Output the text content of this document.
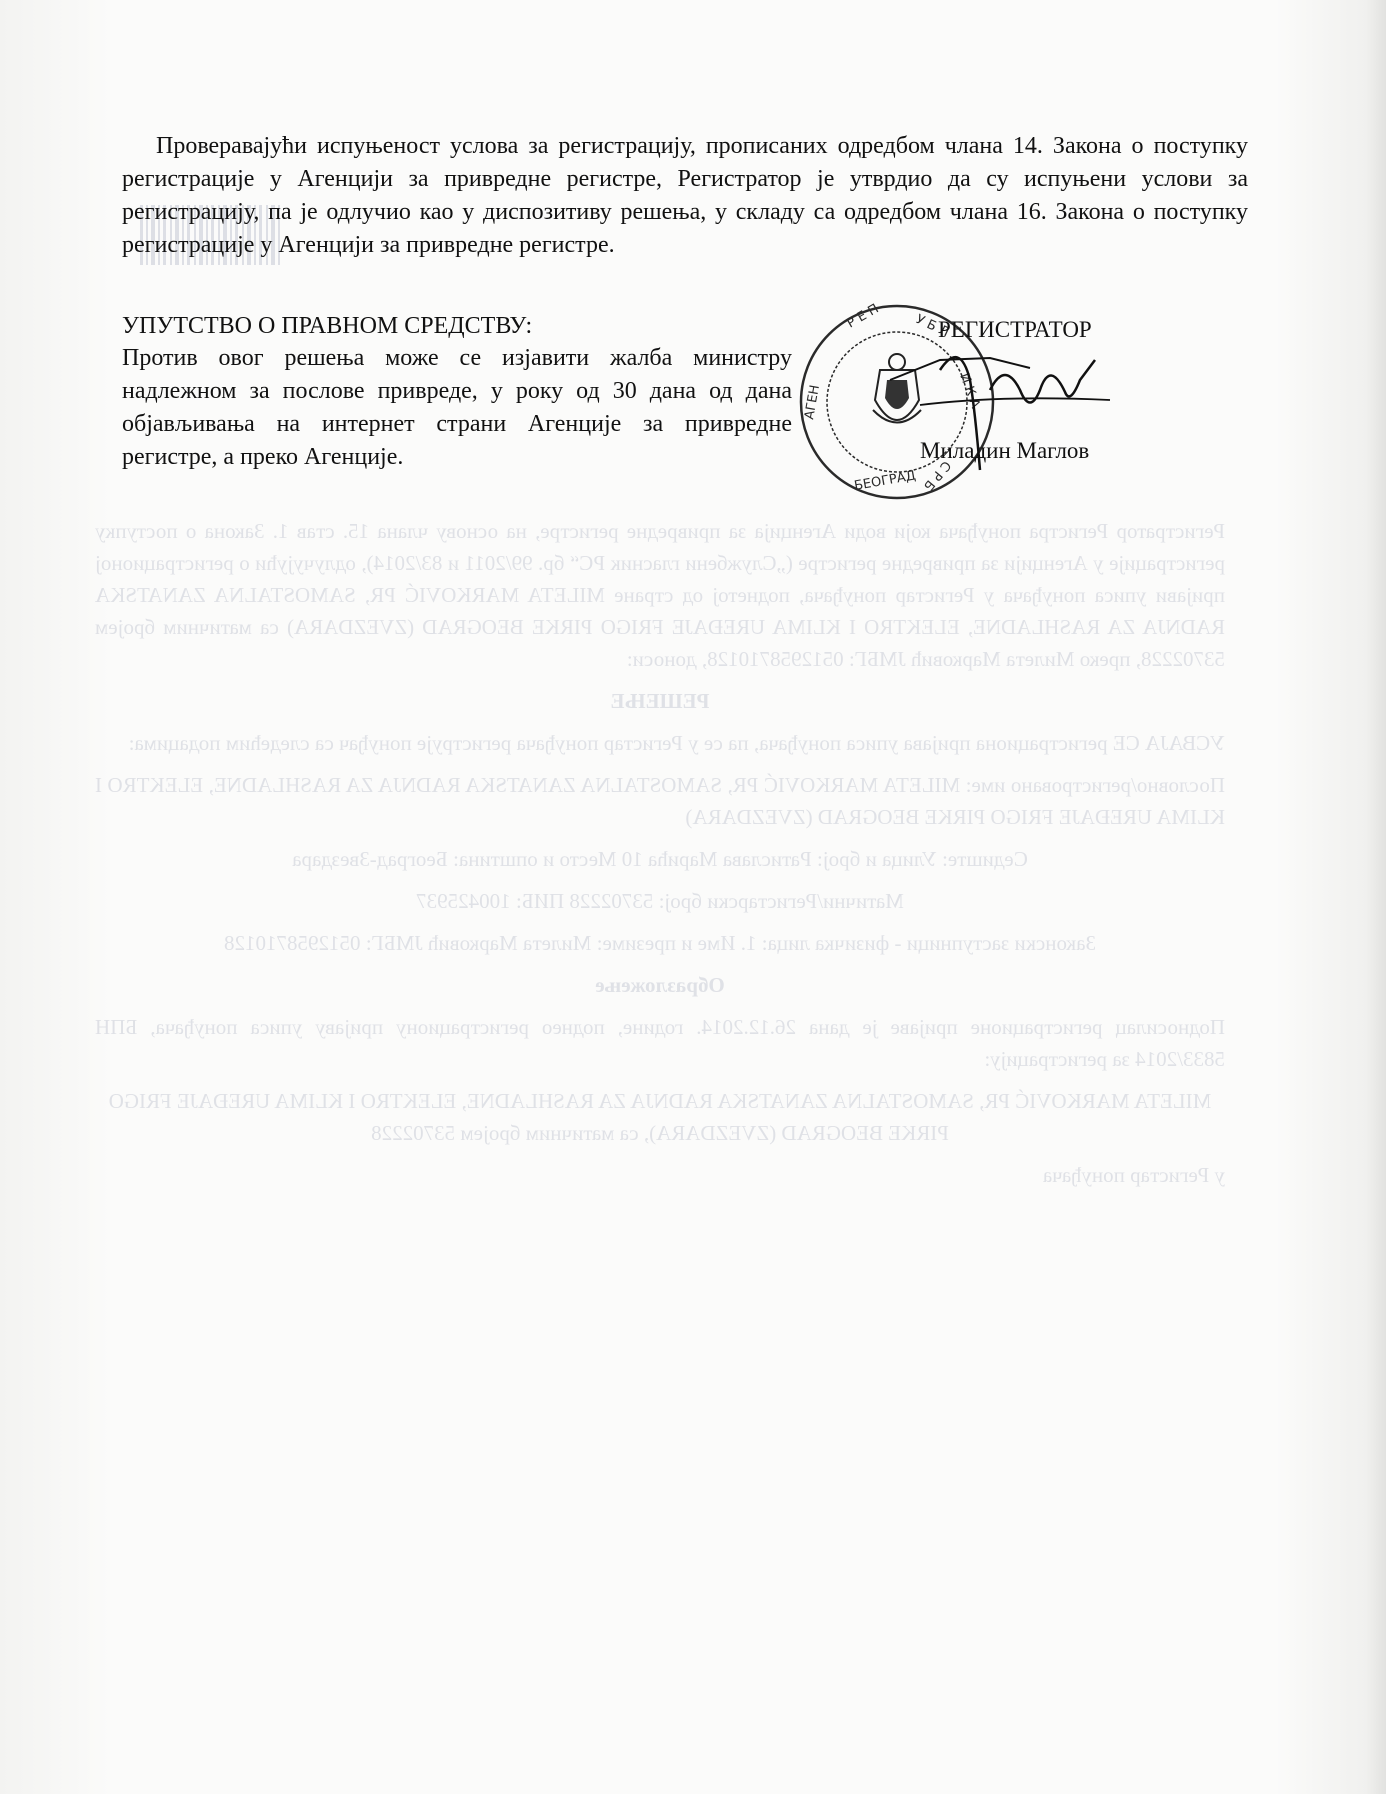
Регистратор Регистра понуђача који води Агенција за привредне регистре, на основу члана 15. став 1. Закона о поступку регистрације у Агенцији за привредне регистре („Службени гласник РС“ бр. 99/2011 и 83/2014), одлучујући о регистрационој пријави уписа понуђача у Регистар понуђача, поднетој од стране MILETA MARKOVIĆ PR, SAMOSTALNA ZANATSKA RADNJA ZA RASHLADNE, ELEKTRO I KLIMA UREĐAJE FRIGO PIRKE BEOGRAD (ZVEZDARA) са матичним бројем 53702228, преко Милета Марковић ЈМБГ: 0512958710128, доноси:

РЕШЕЊЕ

УСВАЈА СЕ регистрациона пријава уписа понуђача, па се у Регистар понуђача региструје понуђач са следећим подацима:

Пословно/регистровано име: MILETA MARKOVIĆ PR, SAMOSTALNA ZANATSKA RADNJA ZA RASHLADNE, ELEKTRO I KLIMA UREĐAJE FRIGO PIRKE BEOGRAD (ZVEZDARA)

Седиште: Улица и број: Ратислава Марића 10 Место и општина: Београд-Звездара

Матични/Регистарски број: 53702228 ПИБ: 100425937

Законски заступници - физичка лица: 1. Име и презиме: Милета Марковић ЈМБГ: 0512958710128

Образложење

Подносилац регистрационе пријаве је дана 26.12.2014. године, поднео регистрациону пријаву уписа понуђача, БПН 5833/2014 за регистрацију:

MILETA MARKOVIĆ PR, SAMOSTALNA ZANATSKA RADNJA ZA RASHLADNE, ELEKTRO I KLIMA UREĐAJE FRIGO PIRKE BEOGRAD (ZVEZDARA), са матичним бројем 53702228

у Регистар понуђача

Проверавајући испуњеност услова за регистрацију, прописаних одредбом члана 14. Закона о поступку регистрације у Агенцији за привредне регистре, Регистратор је утврдио да су испуњени услови за регистрацију, па је одлучио као у диспозитиву решења, у складу са одредбом члана 16. Закона о поступку регистрације у Агенцији за привредне регистре.

УПУТСТВО О ПРАВНОМ СРЕДСТВУ:

Против овог решења може се изјавити жалба министру надлежном за послове привреде, у року од 30 дана од дана објављивања на интернет страни Агенције за привредне регистре, а преко Агенције.

Р Е П У Б Л
И К А
С Р Б
БЕОГРАД
АГЕН
РЕГИСТРАТОР
Миладин Маглов
